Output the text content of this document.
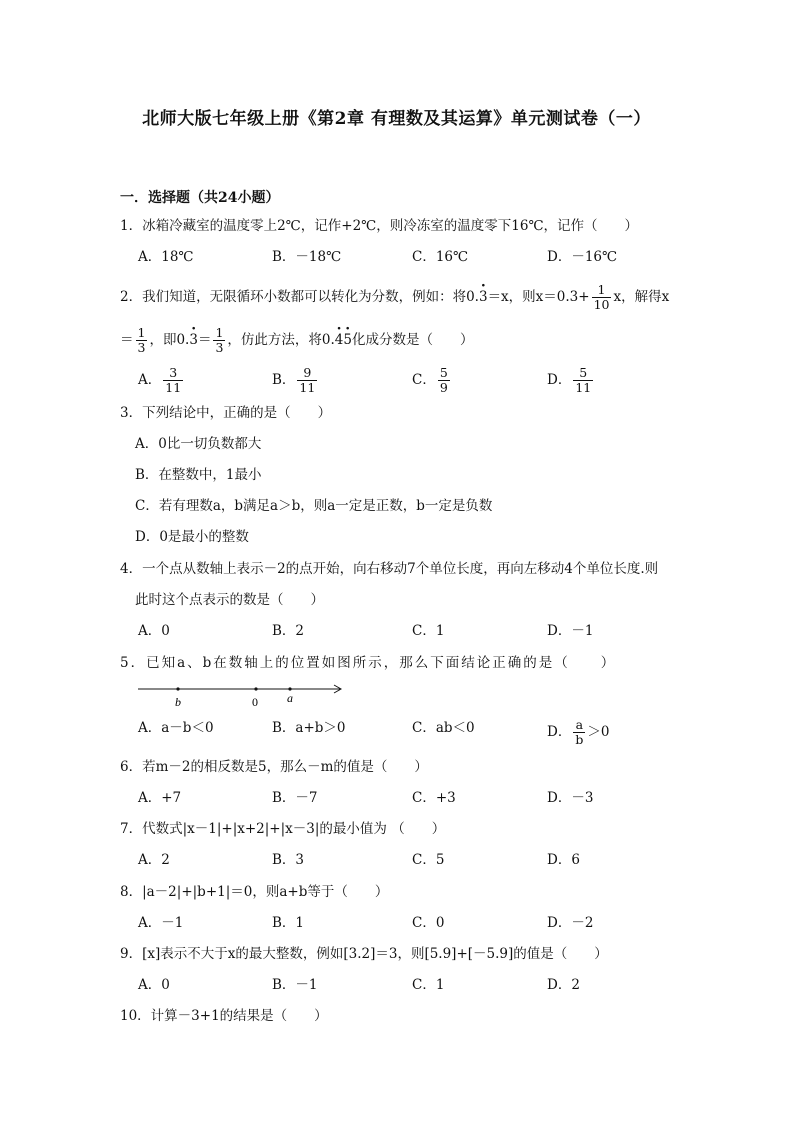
北师大版七年级上册《第2章 有理数及其运算》单元测试卷（一）
一．选择题（共24小题）
1．冰箱冷藏室的温度零上2℃，记作+2℃，则冷冻室的温度零下16℃，记作（　　）
A．18℃	B．－18℃	C．16℃	D．－16℃
2．我们知道，无限循环小数都可以转化为分数，例如：将0.· 3＝x，则$x=0.3+ \frac{1}{10}$ x，解得x
＝ $\frac{1}{3}$ ，即$0.\cdot 3= \frac{1}{3}$ ，仿此方法，将0.· 4· 5化成分数是（　　）
A． $\frac{3}{11}$	B． $\frac{9}{11}$	C． $\frac{5}{9}$	D． $\frac{5}{11}$
3．下列结论中，正确的是（　　）
A．0比一切负数都大
B．在整数中，1最小
C．若有理数a，b满足a＞b，则a一定是正数，b一定是负数
D．0是最小的整数
4．一个点从数轴上表示－2的点开始，向右移动7个单位长度，再向左移动4个单位长度.则
此时这个点表示的数是（　　）
A．0	B．2	C．1	D．－1
5．已知a、b在数轴上的位置如图所示，那么下面结论正确的是（　　）
b	0 a
A．a－b＜0	B．a+b＞0	C．ab＜0	D． $\frac{a}{b} >0$
6．若m－2的相反数是5，那么－m的值是（　　）
A．+7	B．－7	C．+3	D．－3
7．代数式|x－1|+|x+2|+|x－3|的最小值为 （　　）
A．2	B．3	C．5	D．6
8．|a－2|+|b+1|＝0，则a+b等于（　　）
A．－1	B．1	C．0	D．－2
9．[x]表示不大于x的最大整数，例如[3.2]＝3，则[5.9]+[－5.9]的值是（　　）
A．0	B．－1	C．1	D．2
10．计算－3+1的结果是（　　）
